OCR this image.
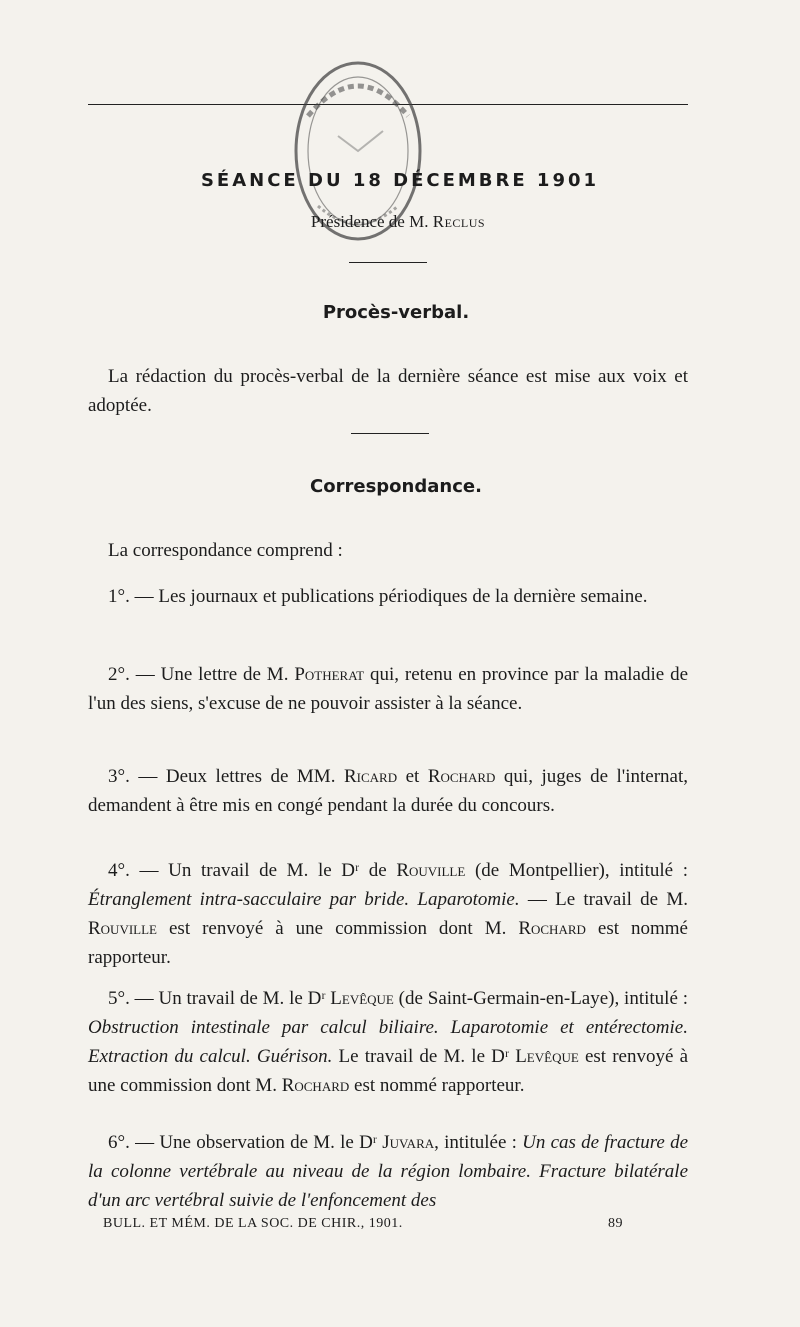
SÉANCE DU 18 DÉCEMBRE 1901
Présidence de M. Reclus
Procès-verbal.
La rédaction du procès-verbal de la dernière séance est mise aux voix et adoptée.
Correspondance.
La correspondance comprend :
1°. — Les journaux et publications périodiques de la dernière semaine.
2°. — Une lettre de M. Potherat qui, retenu en province par la maladie de l'un des siens, s'excuse de ne pouvoir assister à la séance.
3°. — Deux lettres de MM. Ricard et Rochard qui, juges de l'internat, demandent à être mis en congé pendant la durée du concours.
4°. — Un travail de M. le Dʳ de Rouville (de Montpellier), intitulé : Étranglement intra-sacculaire par bride. Laparotomie. — Le travail de M. Rouville est renvoyé à une commission dont M. Rochard est nommé rapporteur.
5°. — Un travail de M. le Dʳ Levêque (de Saint-Germain-en-Laye), intitulé : Obstruction intestinale par calcul biliaire. Laparotomie et entérectomie. Extraction du calcul. Guérison. Le travail de M. le Dʳ Levêque est renvoyé à une commission dont M. Rochard est nommé rapporteur.
6°. — Une observation de M. le Dʳ Juvara, intitulée : Un cas de fracture de la colonne vertébrale au niveau de la région lombaire. Fracture bilatérale d'un arc vertébral suivie de l'enfoncement des
BULL. ET MÉM. DE LA SOC. DE CHIR., 1901.	89
